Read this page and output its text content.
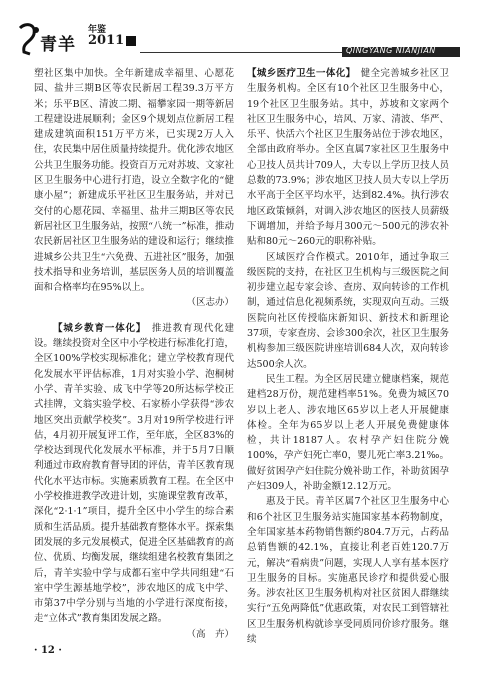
青羊
年鉴
2011
QINGYANG NIANJIAN

塑社区集中加快。全年新建成幸福里、心愿花园、盐井三期B区等农民新居工程39.3万平方米；乐平B区、清波二期、福攀家园一期等新居工程建设进展顺利；金区9个规划点位新居工程建成建筑面积151万平方米，已实现2万人入住，农民集中居住质量持续提升。优化涉农地区公共卫生服务功能。投资百万元对苏坡、文家社区卫生服务中心进行打造，设立全数字化的“健康小屋”；新建成乐平社区卫生服务站，并对已交付的心愿花园、幸福里、盐井三期B区等农民新居社区卫生服务站，按照“八统一”标准，推动农民新居社区卫生服务站的建设和运行；继续推进城乡公共卫生“六免费、五进社区”服务，加强技术指导和业务培训，基层医务人员的培训覆盖面和合格率均在95%以上。

（区志办）

【城乡教育一体化】　 推进教育现代化建设。继续投资对全区中小学校进行标准化打造，全区100%学校实现标准化；建立学校教育现代化发展水平评估标准，1月对实验小学、泡桐树小学、青羊实验、成飞中学等20所达标学校正式挂牌，文翁实验学校、石家桥小学获得“涉农地区突出贡献学校奖”。3月对19所学校进行评估，4月初开展复评工作，至年底，全区83%的学校达到现代化发展水平标准，并于5月7日顺利通过市政府教育督导团的评估，青羊区教育现代化水平达市标。实施素质教育工程。在全区中小学校推进教学改进计划，实施课堂教育改革，深化“2·1·1”项目，提升全区中小学生的综合素质和生活品质。提升基础教育整体水平。探索集团发展的多元发展模式，促进全区基础教育的高位、优质、均衡发展，继续组建名校教育集团之后，青羊实验中学与成都石室中学共同组建“石室中学生源基地学校”，涉农地区的成飞中学、市第37中学分别与当地的小学进行深度衔接，走“立体式”教育集团发展之路。

（高　卉）

【城乡医疗卫生一体化】　 健全完善城乡社区卫生服务机构。全区有10个社区卫生服务中心，19个社区卫生服务站。其中，苏坡和文家两个社区卫生服务中心，培风、万家、清波、华严、乐平、快活六个社区卫生服务站位于涉农地区，全部由政府举办。全区直属7家社区卫生服务中心卫技人员共计709人，大专以上学历卫技人员总数的73.9%；涉农地区卫技人员大专以上学历水平高于全区平均水平，达到82.4%。执行涉农地区政策倾斜，对调入涉农地区的医技人员薪级下调增加，并给予每月300元～500元的涉农补贴和80元～260元的职称补贴。

区域医疗合作模式。2010年，通过争取三级医院的支持，在社区卫生机构与三级医院之间初步建立起专家会诊、查房、双向转诊的工作机制，通过信息化视频系统，实现双向互动。三级医院向社区传授临床新知识、新技术和新理论37项，专家查房、会诊300余次，社区卫生服务机构参加三级医院讲座培训684人次，双向转诊达500余人次。

民生工程。为全区居民建立健康档案，规范建档28万份，规范建档率51%。免费为城区70岁以上老人、涉农地区65岁以上老人开展健康体检。全年为65岁以上老人开展免费健康体检，共计18187人。农村孕产妇住院分娩100%，孕产妇死亡率0，婴儿死亡率3.21‰。做好贫困孕产妇住院分娩补助工作，补助贫困孕产妇309人，补助金额12.12万元。

惠及于民。青羊区属7个社区卫生服务中心和6个社区卫生服务站实施国家基本药物制度，全年国家基本药物销售额约804.7万元，占药品总销售额的42.1%，直接让利老百姓120.7万元，解决“看病贵”问题，实现人人享有基本医疗卫生服务的目标。实施惠民诊疗和提供爱心服务。涉农社区卫生服务机构对社区贫困人群继续实行“五免两降低”优惠政策，对农民工到管辖社区卫生服务机构就诊享受同质同价诊疗服务。继续

· 12 ·
